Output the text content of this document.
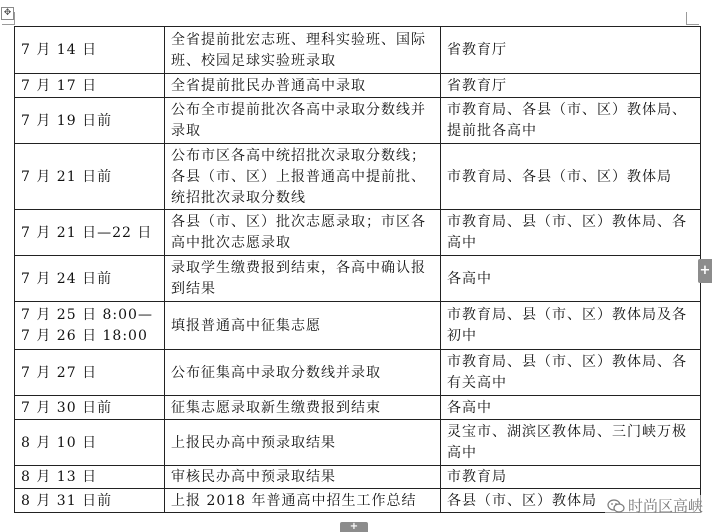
✥
7 月 14 日	全省提前批宏志班、理科实验班、国际班、校园足球实验班录取	省教育厅
7 月 17 日	全省提前批民办普通高中录取	省教育厅
7 月 19 日前	公布全市提前批次各高中录取分数线并录取	市教育局、各县（市、区）教体局、提前批各高中
7 月 21 日前	公布市区各高中统招批次录取分数线；各县（市、区）上报普通高中提前批、统招批次录取分数线	市教育局、各县（市、区）教体局
7 月 21 日—22 日	各县（市、区）批次志愿录取；市区各高中批次志愿录取	市教育局、县（市、区）教体局、各高中
7 月 24 日前	录取学生缴费报到结束，各高中确认报到结果	各高中
7 月 25 日 8:00—7 月 26 日 18:00	填报普通高中征集志愿	市教育局、县（市、区）教体局及各初中
7 月 27 日	公布征集高中录取分数线并录取	市教育局、县（市、区）教体局、各有关高中
7 月 30 日前	征集志愿录取新生缴费报到结束	各高中
8 月 10 日	上报民办高中预录取结果	灵宝市、湖滨区教体局、三门峡万极高中
8 月 13 日	审核民办高中预录取结果	市教育局
8 月 31 日前	上报 2018 年普通高中招生工作总结	各县（市、区）教体局
+
+
时尚区高峡
